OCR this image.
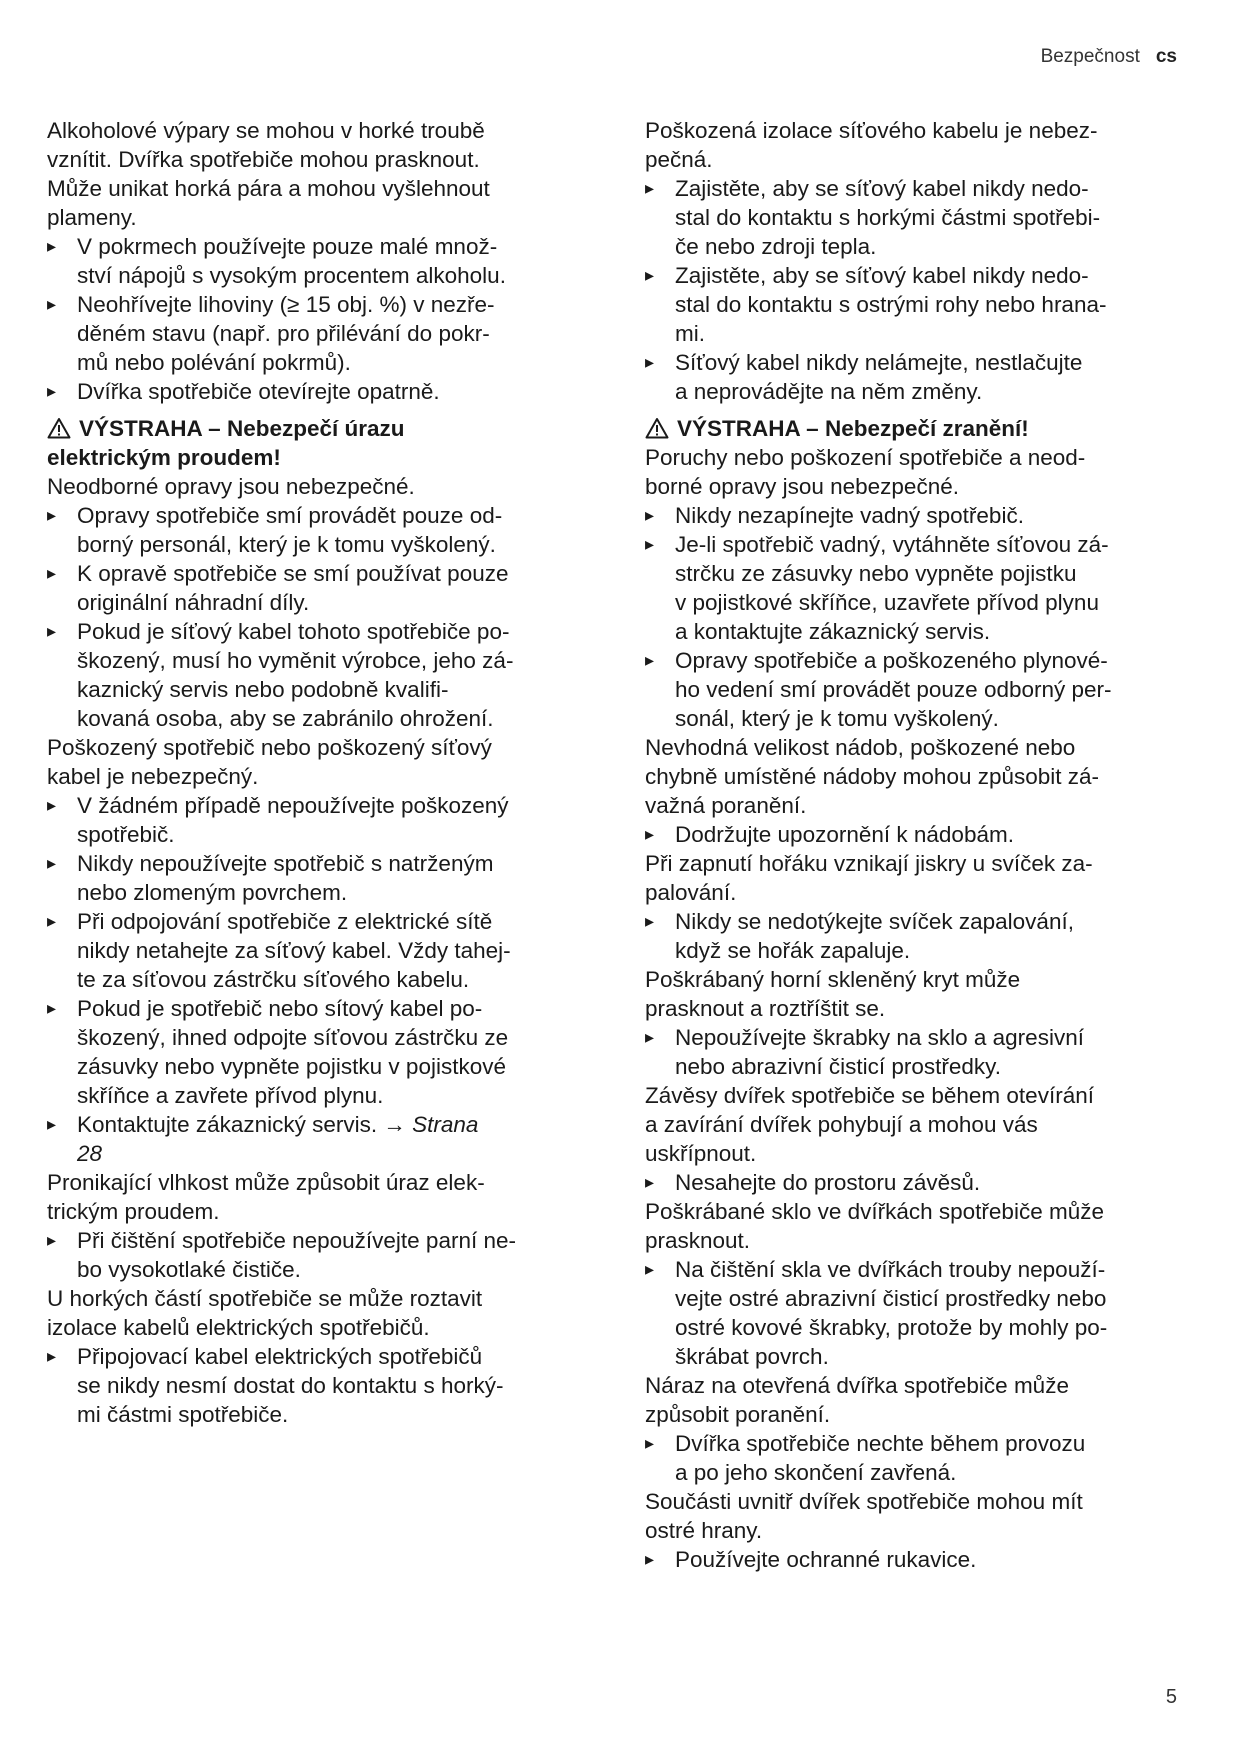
Bezpečnost cs
Alkoholové výpary se mohou v horké troubě
vznítit. Dvířka spotřebiče mohou prasknout.
Může unikat horká pára a mohou vyšlehnout
plameny.
▸ V pokrmech používejte pouze malé množ-
ství nápojů s vysokým procentem alkoholu.
▸ Neohřívejte lihoviny (≥ 15 obj. %) v nezře-
děném stavu (např. pro přilévání do pokr-
mů nebo polévání pokrmů).
▸ Dvířka spotřebiče otevírejte opatrně.
VÝSTRAHA – Nebezpečí úrazu
elektrickým proudem!
Neodborné opravy jsou nebezpečné.
▸ Opravy spotřebiče smí provádět pouze od-
borný personál, který je k tomu vyškolený.
▸ K opravě spotřebiče se smí používat pouze
originální náhradní díly.
▸ Pokud je síťový kabel tohoto spotřebiče po-
škozený, musí ho vyměnit výrobce, jeho zá-
kaznický servis nebo podobně kvalifi-
kovaná osoba, aby se zabránilo ohrožení.
Poškozený spotřebič nebo poškozený síťový
kabel je nebezpečný.
▸ V žádném případě nepoužívejte poškozený
spotřebič.
▸ Nikdy nepoužívejte spotřebič s natrženým
nebo zlomeným povrchem.
▸ Při odpojování spotřebiče z elektrické sítě
nikdy netahejte za síťový kabel. Vždy tahej-
te za síťovou zástrčku síťového kabelu.
▸ Pokud je spotřebič nebo sítový kabel po-
škozený, ihned odpojte síťovou zástrčku ze
zásuvky nebo vypněte pojistku v pojistkové
skříňce a zavřete přívod plynu.
▸ Kontaktujte zákaznický servis. → Strana
28
Pronikající vlhkost může způsobit úraz elek-
trickým proudem.
▸ Při čištění spotřebiče nepoužívejte parní ne-
bo vysokotlaké čističe.
U horkých částí spotřebiče se může roztavit
izolace kabelů elektrických spotřebičů.
▸ Připojovací kabel elektrických spotřebičů
se nikdy nesmí dostat do kontaktu s horký-
mi částmi spotřebiče.
Poškozená izolace síťového kabelu je nebez-
pečná.
▸ Zajistěte, aby se síťový kabel nikdy nedo-
stal do kontaktu s horkými částmi spotřebi-
če nebo zdroji tepla.
▸ Zajistěte, aby se síťový kabel nikdy nedo-
stal do kontaktu s ostrými rohy nebo hrana-
mi.
▸ Síťový kabel nikdy nelámejte, nestlačujte
a neprovádějte na něm změny.
VÝSTRAHA – Nebezpečí zranění!
Poruchy nebo poškození spotřebiče a neod-
borné opravy jsou nebezpečné.
▸ Nikdy nezapínejte vadný spotřebič.
▸ Je-li spotřebič vadný, vytáhněte síťovou zá-
strčku ze zásuvky nebo vypněte pojistku
v pojistkové skříňce, uzavřete přívod plynu
a kontaktujte zákaznický servis.
▸ Opravy spotřebiče a poškozeného plynové-
ho vedení smí provádět pouze odborný per-
sonál, který je k tomu vyškolený.
Nevhodná velikost nádob, poškozené nebo
chybně umístěné nádoby mohou způsobit zá-
važná poranění.
▸ Dodržujte upozornění k nádobám.
Při zapnutí hořáku vznikají jiskry u svíček za-
palování.
▸ Nikdy se nedotýkejte svíček zapalování,
když se hořák zapaluje.
Poškrábaný horní skleněný kryt může
prasknout a roztříštit se.
▸ Nepoužívejte škrabky na sklo a agresivní
nebo abrazivní čisticí prostředky.
Závěsy dvířek spotřebiče se během otevírání
a zavírání dvířek pohybují a mohou vás
uskřípnout.
▸ Nesahejte do prostoru závěsů.
Poškrábané sklo ve dvířkách spotřebiče může
prasknout.
▸ Na čištění skla ve dvířkách trouby nepouží-
vejte ostré abrazivní čisticí prostředky nebo
ostré kovové škrabky, protože by mohly po-
škrábat povrch.
Náraz na otevřená dvířka spotřebiče může
způsobit poranění.
▸ Dvířka spotřebiče nechte během provozu
a po jeho skončení zavřená.
Součásti uvnitř dvířek spotřebiče mohou mít
ostré hrany.
▸ Používejte ochranné rukavice.
5
